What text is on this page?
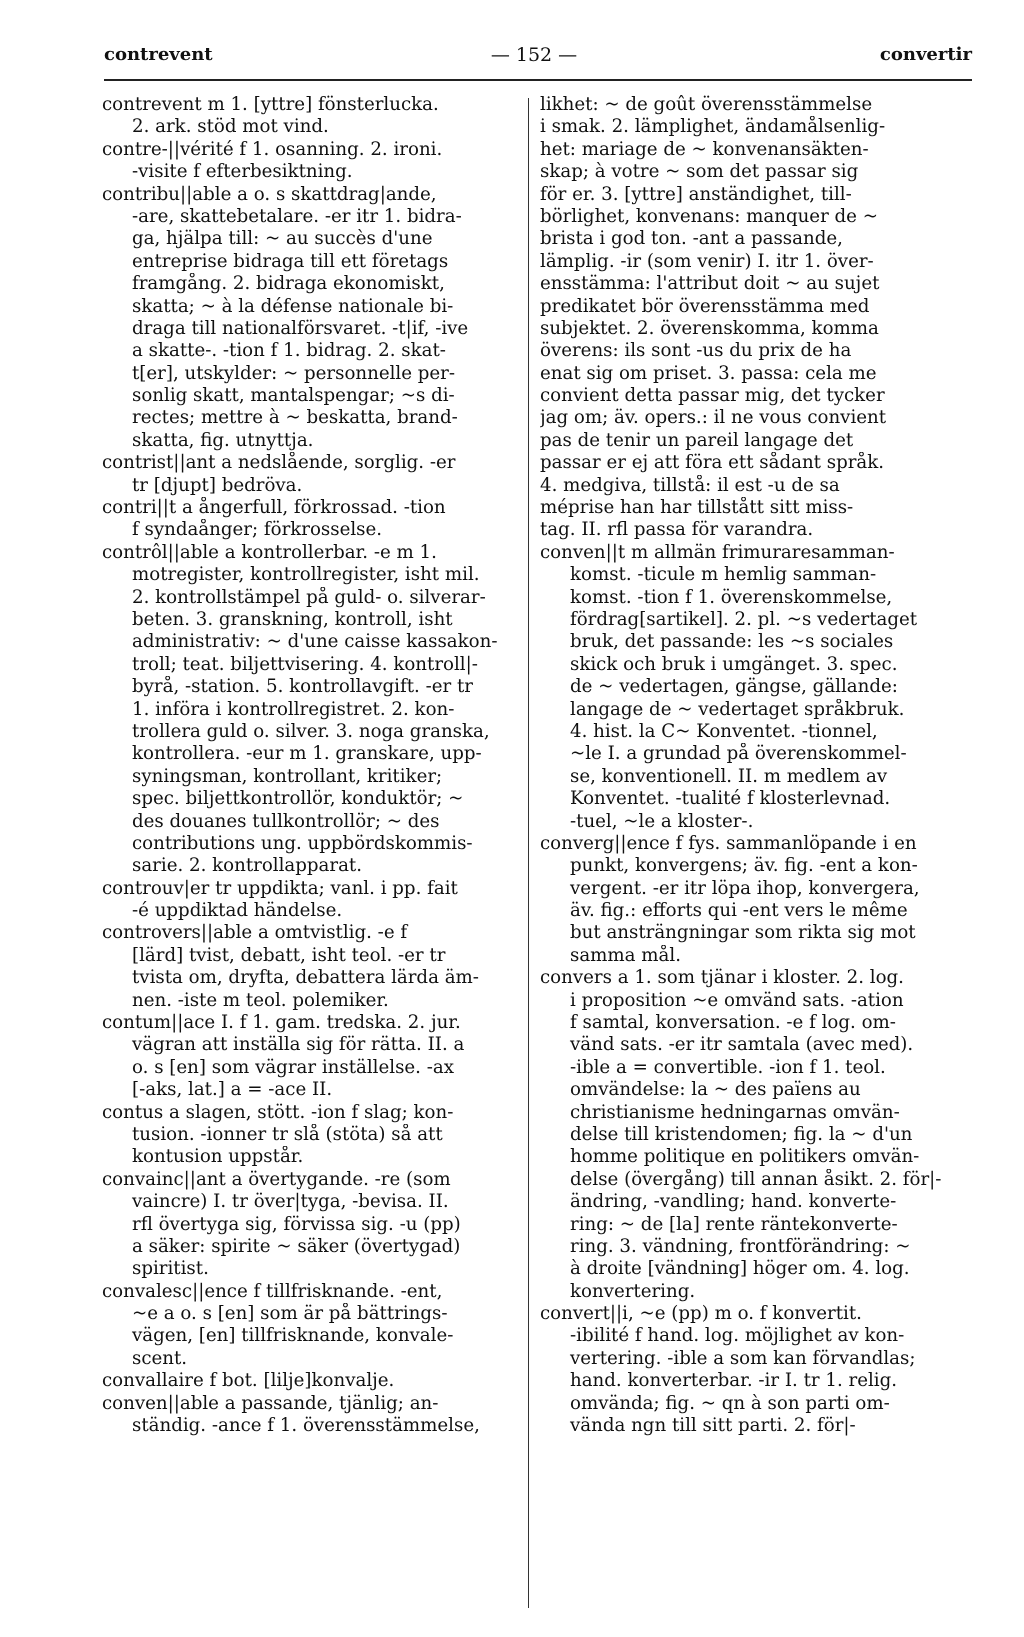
contrevent	— 152 —	convertir
contrevent m 1. [yttre] fönsterlucka.
2. ark. stöd mot vind.
contre-||vérité f 1. osanning. 2. ironi.
-visite f efterbesiktning.
contribu||able a o. s skattdrag|ande,
-are, skattebetalare. -er itr 1. bidra-
ga, hjälpa till: ~ au succès d'une
entreprise bidraga till ett företags
framgång. 2. bidraga ekonomiskt,
skatta; ~ à la défense nationale bi-
draga till nationalförsvaret. -t|if, -ive
a skatte-. -tion f 1. bidrag. 2. skat-
t[er], utskylder: ~ personnelle per-
sonlig skatt, mantalspengar; ~s di-
rectes; mettre à ~ beskatta, brand-
skatta, fig. utnyttja.
contrist||ant a nedslående, sorglig. -er
tr [djupt] bedröva.
contri||t a ångerfull, förkrossad. -tion
f syndaånger; förkrosselse.
contrôl||able a kontrollerbar. -e m 1.
motregister, kontrollregister, isht mil.
2. kontrollstämpel på guld- o. silverar-
beten. 3. granskning, kontroll, isht
administrativ: ~ d'une caisse kassakon-
troll; teat. biljettvisering. 4. kontroll|-
byrå, -station. 5. kontrollavgift. -er tr
1. införa i kontrollregistret. 2. kon-
trollera guld o. silver. 3. noga granska,
kontrollera. -eur m 1. granskare, upp-
syningsman, kontrollant, kritiker;
spec. biljettkontrollör, konduktör; ~
des douanes tullkontrollör; ~ des
contributions ung. uppbördskommis-
sarie. 2. kontrollapparat.
controuv|er tr uppdikta; vanl. i pp. fait
-é uppdiktad händelse.
controvers||able a omtvistlig. -e f
[lärd] tvist, debatt, isht teol. -er tr
tvista om, dryfta, debattera lärda äm-
nen. -iste m teol. polemiker.
contum||ace I. f 1. gam. tredska. 2. jur.
vägran att inställa sig för rätta. II. a
o. s [en] som vägrar inställelse. -ax
[-aks, lat.] a = -ace II.
contus a slagen, stött. -ion f slag; kon-
tusion. -ionner tr slå (stöta) så att
kontusion uppstår.
convainc||ant a övertygande. -re (som
vaincre) I. tr över|tyga, -bevisa. II.
rfl övertyga sig, förvissa sig. -u (pp)
a säker: spirite ~ säker (övertygad)
spiritist.
convalesc||ence f tillfrisknande. -ent,
~e a o. s [en] som är på bättrings-
vägen, [en] tillfrisknande, konvale-
scent.
convallaire f bot. [lilje]konvalje.
conven||able a passande, tjänlig; an-
ständig. -ance f 1. överensstämmelse,
likhet: ~ de goût överensstämmelse
i smak. 2. lämplighet, ändamålsenlig-
het: mariage de ~ konvenansäkten-
skap; à votre ~ som det passar sig
för er. 3. [yttre] anständighet, till-
börlighet, konvenans: manquer de ~
brista i god ton. -ant a passande,
lämplig. -ir (som venir) I. itr 1. över-
ensstämma: l'attribut doit ~ au sujet
predikatet bör överensstämma med
subjektet. 2. överenskomma, komma
överens: ils sont -us du prix de ha
enat sig om priset. 3. passa: cela me
convient detta passar mig, det tycker
jag om; äv. opers.: il ne vous convient
pas de tenir un pareil langage det
passar er ej att föra ett sådant språk.
4. medgiva, tillstå: il est -u de sa
méprise han har tillstått sitt miss-
tag. II. rfl passa för varandra.
conven||t m allmän frimuraresamman-
komst. -ticule m hemlig samman-
komst. -tion f 1. överenskommelse,
fördrag[sartikel]. 2. pl. ~s vedertaget
bruk, det passande: les ~s sociales
skick och bruk i umgänget. 3. spec.
de ~ vedertagen, gängse, gällande:
langage de ~ vedertaget språkbruk.
4. hist. la C~ Konventet. -tionnel,
~le I. a grundad på överenskommel-
se, konventionell. II. m medlem av
Konventet. -tualité f klosterlevnad.
-tuel, ~le a kloster-.
converg||ence f fys. sammanlöpande i en
punkt, konvergens; äv. fig. -ent a kon-
vergent. -er itr löpa ihop, konvergera,
äv. fig.: efforts qui -ent vers le même
but ansträngningar som rikta sig mot
samma mål.
convers a 1. som tjänar i kloster. 2. log.
i proposition ~e omvänd sats. -ation
f samtal, konversation. -e f log. om-
vänd sats. -er itr samtala (avec med).
-ible a = convertible. -ion f 1. teol.
omvändelse: la ~ des païens au
christianisme hedningarnas omvän-
delse till kristendomen; fig. la ~ d'un
homme politique en politikers omvän-
delse (övergång) till annan åsikt. 2. för|-
ändring, -vandling; hand. konverte-
ring: ~ de [la] rente räntekonverte-
ring. 3. vändning, frontförändring: ~
à droite [vändning] höger om. 4. log.
konvertering.
convert||i, ~e (pp) m o. f konvertit.
-ibilité f hand. log. möjlighet av kon-
vertering. -ible a som kan förvandlas;
hand. konverterbar. -ir I. tr 1. relig.
omvända; fig. ~ qn à son parti om-
vända ngn till sitt parti. 2. för|-
